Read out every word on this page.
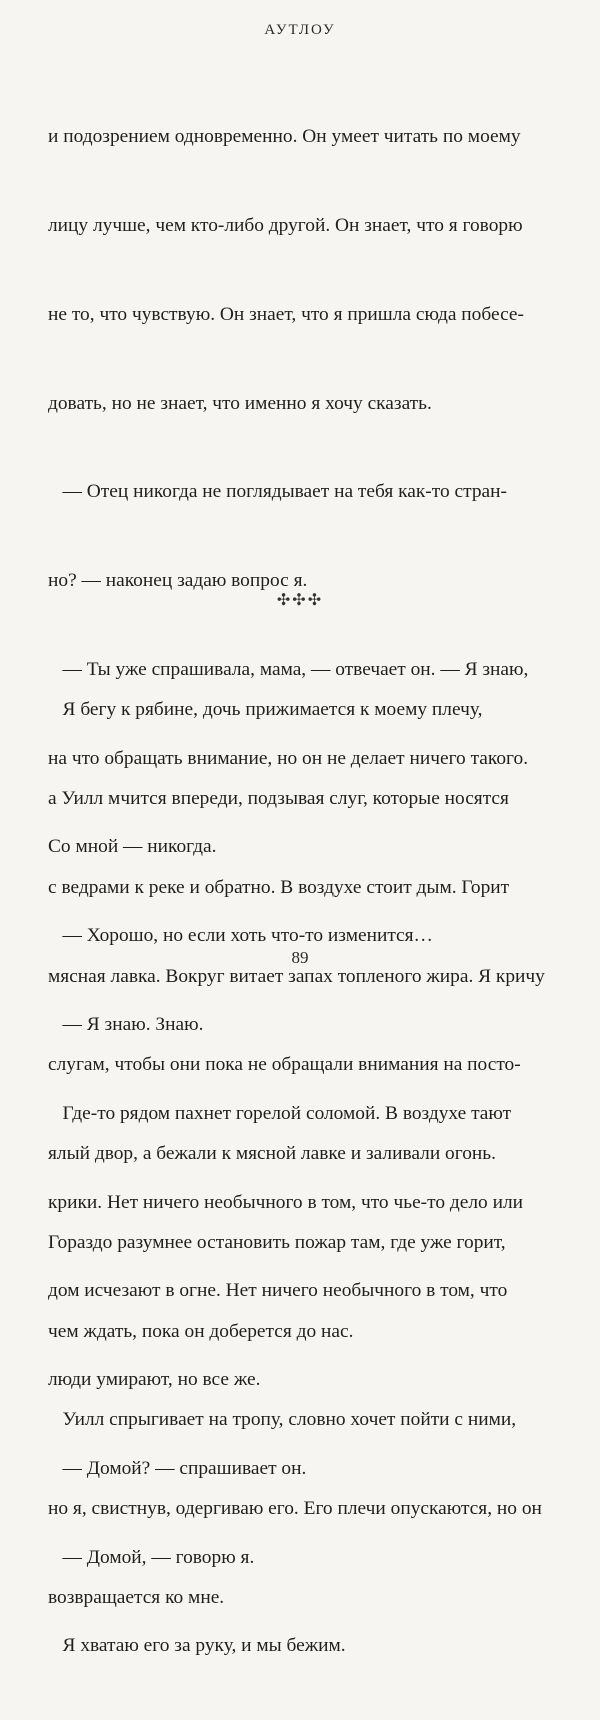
АУТЛОУ

и подозрением одновременно. Он умеет читать по моему

лицу лучше, чем кто-либо другой. Он знает, что я говорю

не то, что чувствую. Он знает, что я пришла сюда побесе-

довать, но не знает, что именно я хочу сказать.

— Отец никогда не поглядывает на тебя как-то стран-

но? — наконец задаю вопрос я.

— Ты уже спрашивала, мама, — отвечает он. — Я знаю,

на что обращать внимание, но он не делает ничего такого.

Со мной — никогда.

— Хорошо, но если хоть что-то изменится…

— Я знаю. Знаю.

Где-то рядом пахнет горелой соломой. В воздухе тают

крики. Нет ничего необычного в том, что чье-то дело или

дом исчезают в огне. Нет ничего необычного в том, что

люди умирают, но все же.

— Домой? — спрашивает он.

— Домой, — говорю я.

Я хватаю его за руку, и мы бежим.

✣✣✣

Я бегу к рябине, дочь прижимается к моему плечу,

а Уилл мчится впереди, подзывая слуг, которые носятся

с ведрами к реке и обратно. В воздухе стоит дым. Горит

мясная лавка. Вокруг витает запах топленого жира. Я кричу

слугам, чтобы они пока не обращали внимания на посто-

ялый двор, а бежали к мясной лавке и заливали огонь.

Гораздо разумнее остановить пожар там, где уже горит,

чем ждать, пока он доберется до нас.

Уилл спрыгивает на тропу, словно хочет пойти с ними,

но я, свистнув, одергиваю его. Его плечи опускаются, но он

возвращается ко мне.

89
